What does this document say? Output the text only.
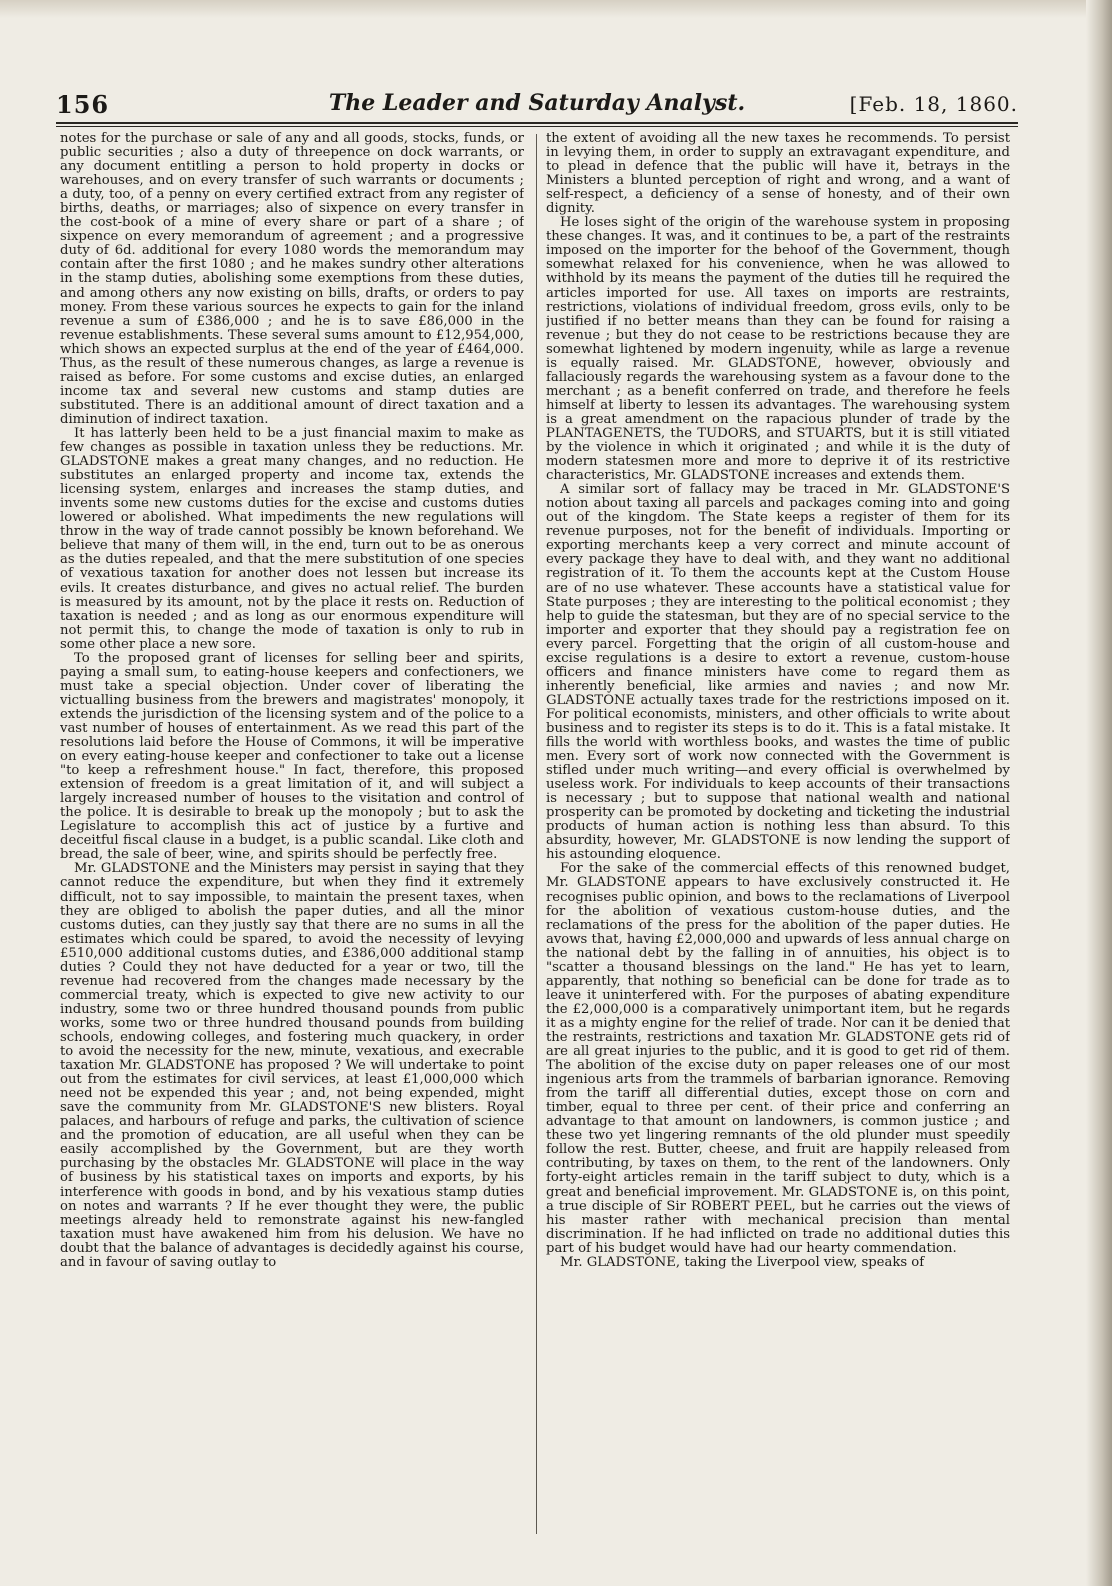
156	The Leader and Saturday Analyst.	[Feb. 18, 1860.

notes for the purchase or sale of any and all goods, stocks, funds, or public securities ; also a duty of threepence on dock warrants, or any document entitling a person to hold property in docks or warehouses, and on every transfer of such warrants or documents ; a duty, too, of a penny on every certified extract from any register of births, deaths, or marriages; also of sixpence on every transfer in the cost-book of a mine of every share or part of a share ; of sixpence on every memorandum of agreement ; and a progressive duty of 6d. additional for every 1080 words the memorandum may contain after the first 1080 ; and he makes sundry other alterations in the stamp duties, abolishing some exemptions from these duties, and among others any now existing on bills, drafts, or orders to pay money. From these various sources he expects to gain for the inland revenue a sum of £386,000 ; and he is to save £86,000 in the revenue establishments. These several sums amount to £12,954,000, which shows an expected surplus at the end of the year of £464,000. Thus, as the result of these numerous changes, as large a revenue is raised as before. For some customs and excise duties, an enlarged income tax and several new customs and stamp duties are substituted. There is an additional amount of direct taxation and a diminution of indirect taxation.

It has latterly been held to be a just financial maxim to make as few changes as possible in taxation unless they be reductions. Mr. GLADSTONE makes a great many changes, and no reduction. He substitutes an enlarged property and income tax, extends the licensing system, enlarges and increases the stamp duties, and invents some new customs duties for the excise and customs duties lowered or abolished. What impediments the new regulations will throw in the way of trade cannot possibly be known beforehand. We believe that many of them will, in the end, turn out to be as onerous as the duties repealed, and that the mere substitution of one species of vexatious taxation for another does not lessen but increase its evils. It creates disturbance, and gives no actual relief. The burden is measured by its amount, not by the place it rests on. Reduction of taxation is needed ; and as long as our enormous expenditure will not permit this, to change the mode of taxation is only to rub in some other place a new sore.

To the proposed grant of licenses for selling beer and spirits, paying a small sum, to eating-house keepers and confectioners, we must take a special objection. Under cover of liberating the victualling business from the brewers and magistrates' monopoly, it extends the jurisdiction of the licensing system and of the police to a vast number of houses of entertainment. As we read this part of the resolutions laid before the House of Commons, it will be imperative on every eating-house keeper and confectioner to take out a license "to keep a refreshment house." In fact, therefore, this proposed extension of freedom is a great limitation of it, and will subject a largely increased number of houses to the visitation and control of the police. It is desirable to break up the monopoly ; but to ask the Legislature to accomplish this act of justice by a furtive and deceitful fiscal clause in a budget, is a public scandal. Like cloth and bread, the sale of beer, wine, and spirits should be perfectly free.

Mr. GLADSTONE and the Ministers may persist in saying that they cannot reduce the expenditure, but when they find it extremely difficult, not to say impossible, to maintain the present taxes, when they are obliged to abolish the paper duties, and all the minor customs duties, can they justly say that there are no sums in all the estimates which could be spared, to avoid the necessity of levying £510,000 additional customs duties, and £386,000 additional stamp duties ? Could they not have deducted for a year or two, till the revenue had recovered from the changes made necessary by the commercial treaty, which is expected to give new activity to our industry, some two or three hundred thousand pounds from public works, some two or three hundred thousand pounds from building schools, endowing colleges, and fostering much quackery, in order to avoid the necessity for the new, minute, vexatious, and execrable taxation Mr. GLADSTONE has proposed ? We will undertake to point out from the estimates for civil services, at least £1,000,000 which need not be expended this year ; and, not being expended, might save the community from Mr. GLADSTONE'S new blisters. Royal palaces, and harbours of refuge and parks, the cultivation of science and the promotion of education, are all useful when they can be easily accomplished by the Government, but are they worth purchasing by the obstacles Mr. GLADSTONE will place in the way of business by his statistical taxes on imports and exports, by his interference with goods in bond, and by his vexatious stamp duties on notes and warrants ? If he ever thought they were, the public meetings already held to remonstrate against his new-fangled taxation must have awakened him from his delusion. We have no doubt that the balance of advantages is decidedly against his course, and in favour of saving outlay to

the extent of avoiding all the new taxes he recommends. To persist in levying them, in order to supply an extravagant expenditure, and to plead in defence that the public will have it, betrays in the Ministers a blunted perception of right and wrong, and a want of self-respect, a deficiency of a sense of honesty, and of their own dignity.

He loses sight of the origin of the warehouse system in proposing these changes. It was, and it continues to be, a part of the restraints imposed on the importer for the behoof of the Government, though somewhat relaxed for his convenience, when he was allowed to withhold by its means the payment of the duties till he required the articles imported for use. All taxes on imports are restraints, restrictions, violations of individual freedom, gross evils, only to be justified if no better means than they can be found for raising a revenue ; but they do not cease to be restrictions because they are somewhat lightened by modern ingenuity, while as large a revenue is equally raised. Mr. GLADSTONE, however, obviously and fallaciously regards the warehousing system as a favour done to the merchant ; as a benefit conferred on trade, and therefore he feels himself at liberty to lessen its advantages. The warehousing system is a great amendment on the rapacious plunder of trade by the PLANTAGENETS, the TUDORS, and STUARTS, but it is still vitiated by the violence in which it originated ; and while it is the duty of modern statesmen more and more to deprive it of its restrictive characteristics, Mr. GLADSTONE increases and extends them.

A similar sort of fallacy may be traced in Mr. GLADSTONE'S notion about taxing all parcels and packages coming into and going out of the kingdom. The State keeps a register of them for its revenue purposes, not for the benefit of individuals. Importing or exporting merchants keep a very correct and minute account of every package they have to deal with, and they want no additional registration of it. To them the accounts kept at the Custom House are of no use whatever. These accounts have a statistical value for State purposes ; they are interesting to the political economist ; they help to guide the statesman, but they are of no special service to the importer and exporter that they should pay a registration fee on every parcel. Forgetting that the origin of all custom-house and excise regulations is a desire to extort a revenue, custom-house officers and finance ministers have come to regard them as inherently beneficial, like armies and navies ; and now Mr. GLADSTONE actually taxes trade for the restrictions imposed on it. For political economists, ministers, and other officials to write about business and to register its steps is to do it. This is a fatal mistake. It fills the world with worthless books, and wastes the time of public men. Every sort of work now connected with the Government is stifled under much writing—and every official is overwhelmed by useless work. For individuals to keep accounts of their transactions is necessary ; but to suppose that national wealth and national prosperity can be promoted by docketing and ticketing the industrial products of human action is nothing less than absurd. To this absurdity, however, Mr. GLADSTONE is now lending the support of his astounding eloquence.

For the sake of the commercial effects of this renowned budget, Mr. GLADSTONE appears to have exclusively constructed it. He recognises public opinion, and bows to the reclamations of Liverpool for the abolition of vexatious custom-house duties, and the reclamations of the press for the abolition of the paper duties. He avows that, having £2,000,000 and upwards of less annual charge on the national debt by the falling in of annuities, his object is to "scatter a thousand blessings on the land." He has yet to learn, apparently, that nothing so beneficial can be done for trade as to leave it uninterfered with. For the purposes of abating expenditure the £2,000,000 is a comparatively unimportant item, but he regards it as a mighty engine for the relief of trade. Nor can it be denied that the restraints, restrictions and taxation Mr. GLADSTONE gets rid of are all great injuries to the public, and it is good to get rid of them. The abolition of the excise duty on paper releases one of our most ingenious arts from the trammels of barbarian ignorance. Removing from the tariff all differential duties, except those on corn and timber, equal to three per cent. of their price and conferring an advantage to that amount on landowners, is common justice ; and these two yet lingering remnants of the old plunder must speedily follow the rest. Butter, cheese, and fruit are happily released from contributing, by taxes on them, to the rent of the landowners. Only forty-eight articles remain in the tariff subject to duty, which is a great and beneficial improvement. Mr. GLADSTONE is, on this point, a true disciple of Sir ROBERT PEEL, but he carries out the views of his master rather with mechanical precision than mental discrimination. If he had inflicted on trade no additional duties this part of his budget would have had our hearty commendation.

Mr. GLADSTONE, taking the Liverpool view, speaks of
